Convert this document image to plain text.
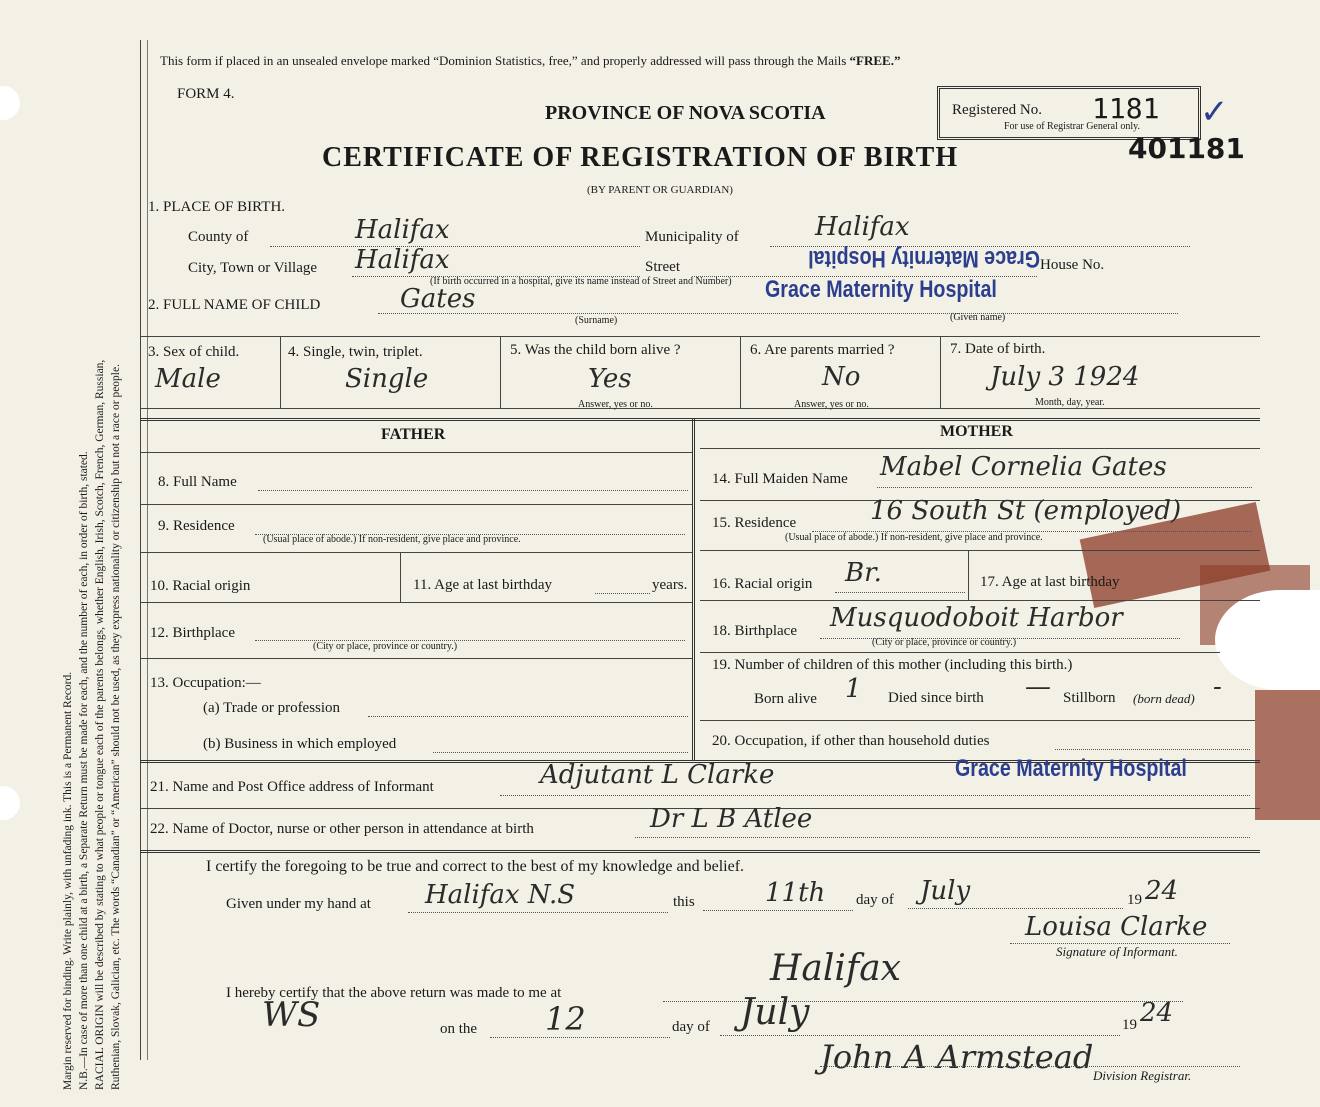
Margin reserved for binding. Write plainly, with unfading ink. This is a Permanent Record. N.B.—In case of more than one child at a birth, a Separate Return must be made for each, and the number of each, in order of birth, stated. RACIAL ORIGIN will be described by stating to what people or tongue each of the parents belongs, whether English, Irish, Scotch, French, German, Russian, Ruthenian, Slovak, Galician, etc. The words “Canadian” or “American” should not be used, as they express nationality or citizenship but not a race or people.
This form if placed in an unsealed envelope marked “Dominion Statistics, free,” and properly addressed will pass through the Mails “FREE.”
FORM 4.
PROVINCE OF NOVA SCOTIA
CERTIFICATE OF REGISTRATION OF BIRTH
(BY PARENT OR GUARDIAN)
Registered No. 1181
For use of Registrar General only. ✓
401181
1. PLACE OF BIRTH.
County of	Halifax	Municipality of	Halifax
City, Town or Village Halifax	Street	Grace Maternity Hospital House No.
(If birth occurred in a hospital, give its name instead of Street and Number)
2. FULL NAME OF CHILD	Gates	Grace Maternity Hospital
(Surname)	(Given name)
3. Sex of child.
Male
4. Single, twin, triplet.
Single
5. Was the child born alive ?
Yes
Answer, yes or no.
6. Are parents married ?
No
Answer, yes or no.
7. Date of birth.
July 3 1924
Month, day, year.
FATHER	MOTHER
8. Full Name
9. Residence
(Usual place of abode.) If non-resident, give place and province.
10. Racial origin	11. Age at last birthday	years.
12. Birthplace
(City or place, province or country.)
13. Occupation:—
(a) Trade or profession
(b) Business in which employed
14. Full Maiden Name Mabel Cornelia Gates
15. Residence	16 South St (employed)
(Usual place of abode.) If non-resident, give place and province.
16. Racial origin Br.	17. Age at last birthday
18. Birthplace Musquodoboit Harbor
(City or place, province or country.)
19. Number of children of this mother (including this birth.)
Born alive 1 Died since birth — Stillborn (born dead) -
20. Occupation, if other than household duties
21. Name and Post Office address of Informant	Adjutant L Clarke	Grace Maternity Hospital
22. Name of Doctor, nurse or other person in attendance at birth	Dr L B Atlee
I certify the foregoing to be true and correct to the best of my knowledge and belief.
Given under my hand at Halifax N.S	this	11th day of July	19 24
Louisa Clarke
Signature of Informant.
I hereby certify that the above return was made to me at
Halifax
WS	on the 12	day of July	19 24
John A Armstead Division Registrar.
